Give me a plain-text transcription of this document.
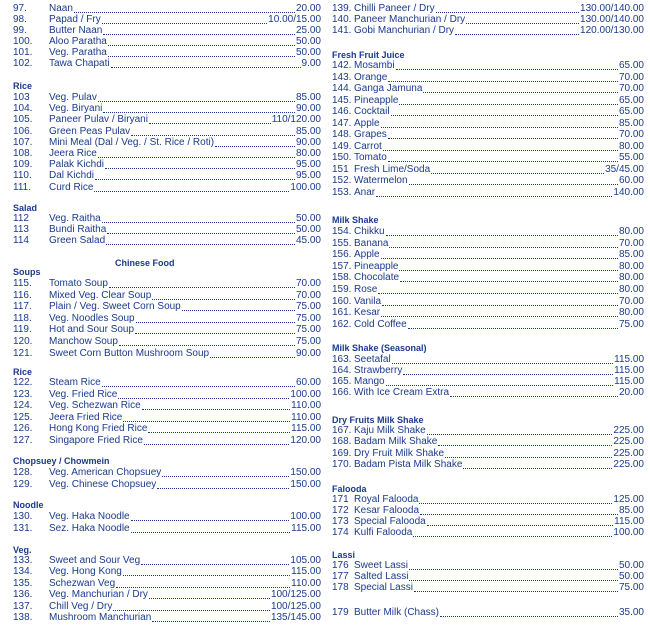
97.	Naan	20.00
98.	Papad / Fry	10.00/15.00
99.	Butter Naan	25.00
100.	Aloo Paratha	50.00
101.	Veg. Paratha	50.00
102.	Tawa Chapati	9.00
Rice
103	Veg. Pulav	85.00
104.	Veg. Biryani	90.00
105.	Paneer Pulav / Biryani	110/120.00
106.	Green Peas Pulav	85.00
107.	Mini Meal (Dal / Veg. / St. Rice / Roti)	90.00
108.	Jeera Rice	80.00
109.	Palak Kichdi	95.00
110.	Dal Kichdi	95.00
111.	Curd Rice	100.00
Salad
112	Veg. Raitha	50.00
113	Bundi Raitha	50.00
114	Green Salad	45.00
Chinese Food
Soups
115.	Tomato Soup	70.00
116.	Mixed Veg. Clear Soup	70.00
117.	Plain / Veg. Sweet Corn Soup	75.00
118.	Veg. Noodles Soup	75.00
119.	Hot and Sour Soup	75.00
120.	Manchow Soup	75.00
121.	Sweet Corn Button Mushroom Soup	90.00
Rice
122.	Steam Rice	60.00
123.	Veg. Fried Rice	100.00
124.	Veg. Schezwan Rice	110.00
125.	Jeera Fried Rice	110.00
126.	Hong Kong Fried Rice	115.00
127.	Singapore Fried Rice	120.00
Chopsuey / Chowmein
128.	Veg. American Chopsuey	150.00
129.	Veg. Chinese Chopsuey	150.00
Noodle
130.	Veg. Haka Noodle	100.00
131.	Sez. Haka Noodle	115.00
Veg.
133.	Sweet and Sour Veg	105.00
134.	Veg. Hong Kong	115.00
135.	Schezwan Veg	110.00
136.	Veg. Manchurian / Dry	100/125.00
137.	Chill Veg / Dry	100/125.00
138.	Mushroom Manchurian	135/145.00
139. Chilli Paneer / Dry	130.00/140.00
140. Paneer Manchurian / Dry	130.00/140.00
141. Gobi Manchurian / Dry	120.00/130.00
Fresh Fruit Juice
142. Mosambi	65.00
143. Orange	70.00
144. Ganga Jamuna	70.00
145. Pineapple	65.00
146. Cocktail	65.00
147. Apple	85.00
148. Grapes	70.00
149. Carrot	80.00
150. Tomato	55.00
151 Fresh Lime/Soda	35/45.00
152. Watermelon	60.00
153. Anar	140.00
Milk Shake
154. Chikku	80.00
155. Banana	70.00
156. Apple	85.00
157. Pineapple	80.00
158. Chocolate	80.00
159. Rose	80.00
160. Vanila	70.00
161. Kesar	80.00
162. Cold Coffee	75.00
Milk Shake (Seasonal)
163. Seetafal	115.00
164. Strawberry	115.00
165. Mango	115.00
166. With Ice Cream Extra	20.00
Dry Fruits Milk Shake
167. Kaju Milk Shake	225.00
168. Badam Milk Shake	225.00
169. Dry Fruit Milk Shake	225.00
170. Badam Pista Milk Shake	225.00
Falooda
171 Royal Falooda	125.00
172 Kesar Falooda	85.00
173 Special Falooda	115.00
174 Kulfi Falooda	100.00
Lassi
176 Sweet Lassi	50.00
177 Salted Lassi	50.00
178 Special Lassi	75.00
179 Butter Milk (Chass)	35.00
